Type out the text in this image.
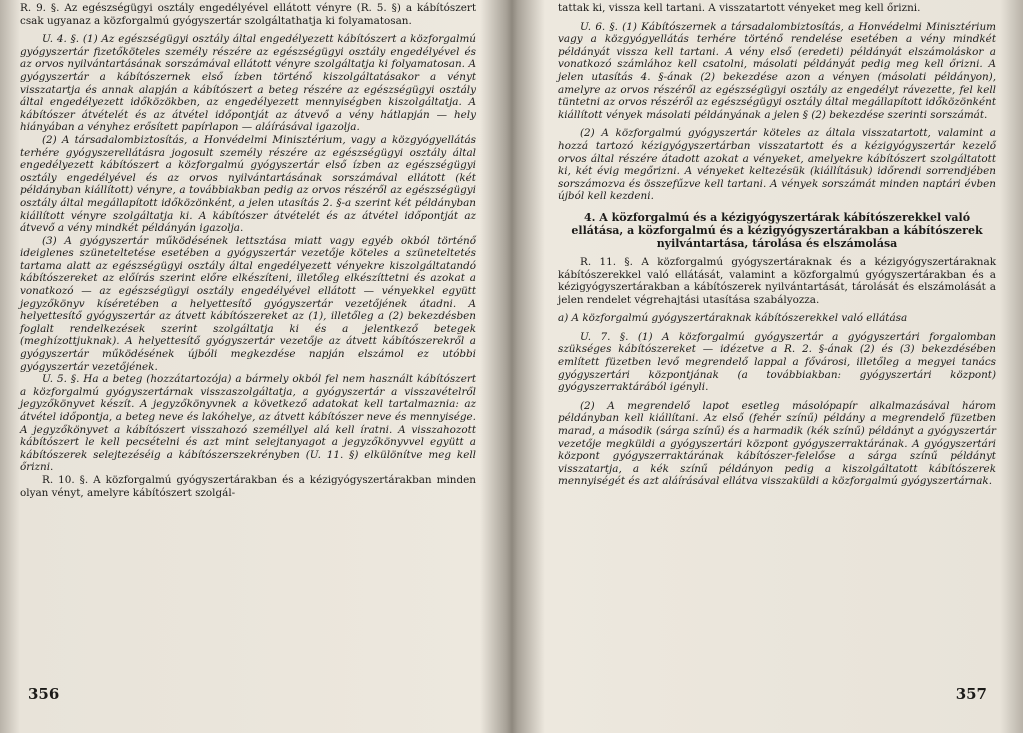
R. 9. §. Az egészségügyi osztály engedélyével ellátott vényre (R. 5. §) a kábítószert csak ugyanaz a közforgalmú gyógyszertár szolgáltathatja ki folyamatosan.

U. 4. §. (1) Az egészségügyi osztály által engedélyezett kábítószert a közforgalmú gyógyszertár fizetőköteles személy részére az egészségügyi osztály engedélyével és az orvos nyilvántartásának sorszámával ellátott vényre szolgáltatja ki folyamatosan. A gyógyszertár a kábítószernek első ízben történő kiszolgáltatásakor a vényt visszatartja és annak alapján a kábítószert a beteg részére az egészségügyi osztály által engedélyezett időközökben, az engedélyezett mennyiségben kiszolgáltatja. A kábítószer átvételét és az átvétel időpontját az átvevő a vény hátlapján — hely hiányában a vényhez erősített papírlapon — aláírásával igazolja.

(2) A társadalombiztosítás, a Honvédelmi Minisztérium, vagy a közgyógyellátás terhére gyógyszerellátásra jogosult személy részére az egészségügyi osztály által engedélyezett kábítószert a közforgalmú gyógyszertár első ízben az egészségügyi osztály engedélyével és az orvos nyilvántartásának sorszámával ellátott (két példányban kiállított) vényre, a továbbiakban pedig az orvos részéről az egészségügyi osztály által megállapított időközönként, a jelen utasítás 2. §-a szerint két példányban kiállított vényre szolgáltatja ki. A kábítószer átvételét és az átvétel időpontját az átvevő a vény mindkét példányán igazolja.

(3) A gyógyszertár működésének lettsztása miatt vagy egyéb okból történő ideiglenes szüneteltetése esetében a gyógyszertár vezetője köteles a szüneteltetés tartama alatt az egészségügyi osztály által engedélyezett vényekre kiszolgáltatandó kábítószereket az előírás szerint előre elkészíteni, illetőleg elkészíttetni és azokat a vonatkozó — az egészségügyi osztály engedélyével ellátott — vényekkel együtt jegyzőkönyv kíséretében a helyettesítő gyógyszertár vezetőjének átadni. A helyettesítő gyógyszertár az átvett kábítószereket az (1), illetőleg a (2) bekezdésben foglalt rendelkezések szerint szolgáltatja ki és a jelentkező betegek (meghízottjuknak). A helyettesítő gyógyszertár vezetője az átvett kábítószerekről a gyógyszertár működésének újbóli megkezdése napján elszámol ez utóbbi gyógyszertár vezetőjének.

U. 5. §. Ha a beteg (hozzátartozója) a bármely okból fel nem használt kábítószert a közforgalmú gyógyszertárnak visszaszolgáltatja, a gyógyszertár a visszavételről jegyzőkönyvet készít. A jegyzőkönyvnek a következő adatokat kell tartalmaznia: az átvétel időpontja, a beteg neve és lakóhelye, az átvett kábítószer neve és mennyisége. A jegyzőkönyvet a kábítószert visszahozó személlyel alá kell íratni. A visszahozott kábítószert le kell pecsételni és azt mint selejtanyagot a jegyzőkönyvvel együtt a kábítószerek selejtezéséig a kábítószerszekrényben (U. 11. §) elkülönítve meg kell őrizni.

R. 10. §. A közforgalmú gyógyszertárakban és a kézigyógyszertárakban minden olyan vényt, amelyre kábítószert szolgál-

356

tattak ki, vissza kell tartani. A visszatartott vényeket meg kell őrizni.

U. 6. §. (1) Kábítószernek a társadalombiztosítás, a Honvédelmi Minisztérium vagy a közgyógyellátás terhére történő rendelése esetében a vény mindkét példányát vissza kell tartani. A vény első (eredeti) példányát elszámoláskor a vonatkozó számlához kell csatolni, másolati példányát pedig meg kell őrizni. A jelen utasítás 4. §-ának (2) bekezdése azon a vényen (másolati példányon), amelyre az orvos részéről az egészségügyi osztály az engedélyt rávezette, fel kell tüntetni az orvos részéről az egészségügyi osztály által megállapított időközönként kiállított vények másolati példányának a jelen § (2) bekezdése szerinti sorszámát.

(2) A közforgalmú gyógyszertár köteles az általa visszatartott, valamint a hozzá tartozó kézigyógyszertárban visszatartott és a kézigyógyszertár kezelő orvos által részére átadott azokat a vényeket, amelyekre kábítószert szolgáltatott ki, két évig megőrizni. A vényeket keltezésük (kiállításuk) időrendi sorrendjében sorszámozva és összefűzve kell tartani. A vények sorszámát minden naptári évben újból kell kezdeni.

4. A közforgalmú és a kézigyógyszertárak kábítószerekkel való ellátása, a közforgalmú és a kézigyógyszertárakban a kábítószerek nyilvántartása, tárolása és elszámolása

R. 11. §. A közforgalmú gyógyszertáraknak és a kézigyógyszertáraknak kábítószerekkel való ellátását, valamint a közforgalmú gyógyszertárakban és a kézigyógyszertárakban a kábítószerek nyilvántartását, tárolását és elszámolását a jelen rendelet végrehajtási utasítása szabályozza.

a) A közforgalmú gyógyszertáraknak kábítószerekkel való ellátása

U. 7. §. (1) A közforgalmú gyógyszertár a gyógyszertári forgalomban szükséges kábítószereket — idézetve a R. 2. §-ának (2) és (3) bekezdésében említett füzetben levő megrendelő lappal a fővárosi, illetőleg a megyei tanács gyógyszertári központjának (a továbbiakban: gyógyszertári központ) gyógyszerraktárából igényli.

(2) A megrendelő lapot esetleg másolópapír alkalmazásával három példányban kell kiállítani. Az első (fehér színű) példány a megrendelő füzetben marad, a második (sárga színű) és a harmadik (kék színű) példányt a gyógyszertár vezetője megküldi a gyógyszertári központ gyógyszerraktárának. A gyógyszertári központ gyógyszerraktárának kábítószer-felelőse a sárga színű példányt visszatartja, a kék színű példányon pedig a kiszolgáltatott kábítószerek mennyiségét és azt aláírásával ellátva visszaküldi a közforgalmú gyógyszertárnak.

357
